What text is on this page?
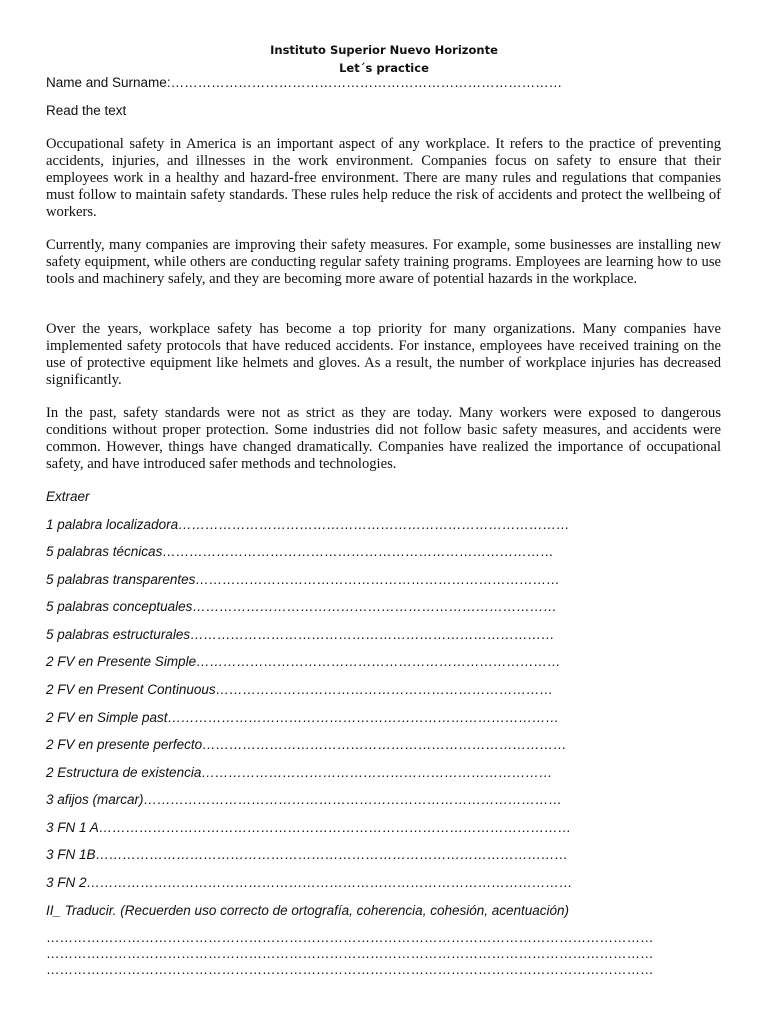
Instituto Superior Nuevo Horizonte
Let´s practice
Name and Surname:……………………………………………………………………………
Read the text

Occupational safety in America is an important aspect of any workplace. It refers to the practice of preventing accidents, injuries, and illnesses in the work environment. Companies focus on safety to ensure that their employees work in a healthy and hazard-free environment. There are many rules and regulations that companies must follow to maintain safety standards. These rules help reduce the risk of accidents and protect the wellbeing of workers.

Currently, many companies are improving their safety measures. For example, some businesses are installing new safety equipment, while others are conducting regular safety training programs. Employees are learning how to use tools and machinery safely, and they are becoming more aware of potential hazards in the workplace.

Over the years, workplace safety has become a top priority for many organizations. Many companies have implemented safety protocols that have reduced accidents. For instance, employees have received training on the use of protective equipment like helmets and gloves. As a result, the number of workplace injuries has decreased significantly.

In the past, safety standards were not as strict as they are today. Many workers were exposed to dangerous conditions without proper protection. Some industries did not follow basic safety measures, and accidents were common. However, things have changed dramatically. Companies have realized the importance of occupational safety, and have introduced safer methods and technologies.

Extraer
1 palabra localizadora……………………………………………………………………………
5 palabras técnicas……………………………………………………………………………
5 palabras transparentes………………………………………………………………………
5 palabras conceptuales………………………………………………………………………
5 palabras estructurales………………………………………………………………………
2 FV en Presente Simple………………………………………………………………………
2 FV en Present Continuous…………………………………………………………………
2 FV en Simple past……………………………………………………………………………
2 FV en presente perfecto………………………………………………………………………
2 Estructura de existencia……………………………………………………………………
3 afijos (marcar)…………………………………………………………………………………
3 FN 1 A……………………………………………………………………………………………
3 FN 1B……………………………………………………………………………………………
3 FN 2………………………………………………………………………………………………
II_ Traducir. (Recuerden uso correcto de ortografía, coherencia, cohesión, acentuación)
………………………………………………………………………………………………………………………
………………………………………………………………………………………………………………………
………………………………………………………………………………………………………………………
